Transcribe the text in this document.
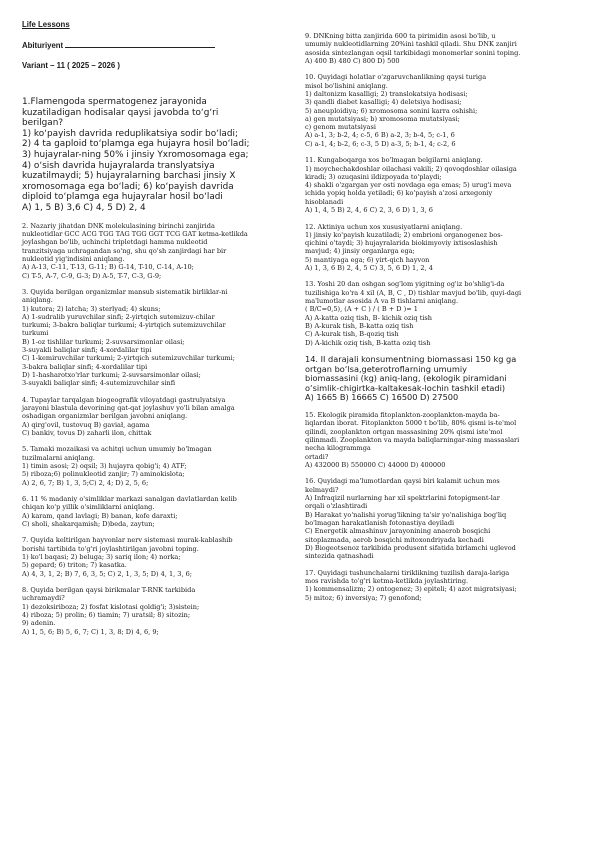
Life Lessons
Abituriyent
Variant – 11 ( 2025 – 2026 )
1.Flamengoda spermatogenez jarayonida
kuzatiladigan hodisalar qaysi javobda to‘g‘ri
berilgan?
1) ko‘payish davrida reduplikatsiya sodir bo‘ladi;
2) 4 ta gaploid to‘plamga ega hujayra hosil bo‘ladi;
3) hujayralar-ning 50% i jinsiy Yxromosomaga ega;
4) o‘sish davrida hujayralarda translyatsiya
kuzatilmaydi; 5) hujayralarning barchasi jinsiy X
xromosomaga ega bo‘ladi; 6) ko‘payish davrida
diploid to‘plamga ega hujayralar hosil bo‘ladi
A) 1, 5 B) 3,6 C) 4, 5 D) 2, 4
2. Nazariy jihatdan DNK molekulasining birinchi zanjirida
nukleotidlar GCC ACG TGG TAG TGG GGT TCG GAT ketma-ketlikda
joylashgan bo'lib, uchinchi tripletdagi hamma nukleotid
tranzitsiyaga uchragandan so'ng, shu qo'sh zanjirdagi har bir
nukleotid yig'indisini aniqlang.
A) A-13, C-11, T-13, G-11; B) G-14, T-10, C-14, A-10;
C) T-5, A-7, C-9, G-3; D) A-5, T-7, C-3, G-9;
3. Quyida berilgan organizmlar mansub sistematik birliklar-ni
aniqlang.
1) kutora; 2) latcha; 3) sterlyad; 4) skuns;
A) 1-sudralib yuruvchilar sinfi; 2-yirtqich sutemizuv-chilar
turkumi; 3-bakra baliqlar turkumi; 4-yirtqich sutemizuvchilar
turkumi
B) 1-oz tishlilar turkumi; 2-suvsarsimonlar oilasi;
3-suyakli baliqlar sinfi; 4-xordalilar tipi
C) 1-kemiruvchilar turkumi; 2-yirtqich sutemizuvchilar turkumi;
3-bakra baliqlar sinfi; 4-xordalilar tipi
D) 1-hasharotxo'rlar turkumi; 2-suvsarsimonlar oilasi;
3-suyakli baliqlar sinfi; 4-sutemizuvchilar sinfi
4. Tupaylar tarqalgan biogeografik viloyatdagi gastrulyatsiya
jarayoni blastula devorining qat-qat joylashuv yo'li bilan amalga
oshadigan organizmlar berilgan javobni aniqlang.
A) qirg'ovil, tustovuq B) gaviał, agama
C) bankiv, tovus D) zaharli ilon, chittak
5. Tamaki mozaikasi va achitqi uchun umumiy bo'lmagan
tuzilmalarni aniqlang.
1) timin asosi; 2) oqsil; 3) hujayra qobig'i; 4) ATF;
5) riboza;6) polinukleotid zanjir; 7) aminokislota;
A) 2, 6, 7; B) 1, 3, 5;C) 2, 4; D) 2, 5, 6;
6. 11 % madaniy o'simliklar markazi sanalgan davlatlardan kelib
chiqan ko'p yillik o'simliklarni aniqlang.
A) karam, qand lavlagi; B) banan, kofe daraxti;
C) sholi, shakarqamish; D)beda, zaytun;
7. Quyida keltirilgan hayvonlar nerv sistemasi murak-kablashib
borishi tartibida to'g'ri joylashtirilgan javobni toping.
1) ko'l baqasi; 2) beluga; 3) sariq ilon; 4) norka;
5) gepard; 6) triton; 7) kasatka.
A) 4, 3, 1, 2; B) 7, 6, 3, 5; C) 2, 1, 3, 5; D) 4, 1, 3, 6;
8. Quyida berilgan qaysi birikmalar T-RNK tarkibida
uchramaydi?
1) dezoksiriboza; 2) fosfat kislotasi qoldig'i; 3)sistein;
4) riboza; 5) prolin; 6) tiamin; 7) uratsil; 8) sitozin;
9) adenin.
A) 1, 5, 6; B) 5, 6, 7; C) 1, 3, 8; D) 4, 6, 9;
9. DNKning bitta zanjirida 600 ta pirimidin asosi bo'lib, u
umumiy nukleotidlarning 20%ini tashkil qiladi. Shu DNK zanjiri
asosida sintezlangan oqsil tarkibidagi monomerlar sonini toping.
A) 400 B) 480 C) 800 D) 500
10. Quyidagi holatlar o'zgaruvchanlikning qaysi turiga
misol bo'lishini aniqlang.
1) daltonizm kasalligi; 2) translokatsiya hodisasi;
3) qandli diabet kasalligi; 4) deletsiya hodisasi;
5) aneuploidiya; 6) xromosoma sonini karra oshishi;
a) gen mutatsiyasi; b) xromosoma mutatsiyasi;
c) genom mutatsiyasi
A) a-1, 3; b-2, 4; c-5, 6 B) a-2, 3; b-4, 5; c-1, 6
C) a-1, 4; b-2, 6; c-3, 5 D) a-3, 5; b-1, 4; c-2, 6
11. Kungaboqarga xos bo'lmagan belgilarni aniqlang.
1) moychechakdoshlar oilachasi vakili; 2) qovoqdoshlar oilasiga
kiradi; 3) ozuqasini ildizpoyada to'playdi;
4) shakli o'zgargan yer osti novdaga ega emas; 5) urug'i meva
ichida yopiq holda yetiladi; 6) ko'payish a'zosi arxegoniy
hisoblanadi
A) 1, 4, 5 B) 2, 4, 6 C) 2, 3, 6 D) 1, 3, 6
12. Aktiniya uchun xos xususiyatlarni aniqlang.
1) jinsiy ko'payish kuzatiladi; 2) embrioni organogenez bos-
qichini o'taydi; 3) hujayralarida biokimyoviy ixtisoslashish
mavjud; 4) jinsiy organlarga ega;
5) mantiyaga ega; 6) yirt-qich hayvon
A) 1, 3, 6 B) 2, 4, 5 C) 3, 5, 6 D) 1, 2, 4
13. Yoshi 20 dan oshgan sog'lom yigitning og'iz bo'shlig'i-da
tuzilishiga ko'ra 4 xil (A, B, C , D) tishlar mavjud bo'lib, quyi-dagi
ma'lumotlar asosida A va B tishlarni aniqlang.
( B/C=0,5), (A + C ) / ( B + D )= 1
A) A-katta oziq tish, B- kichik oziq tish
B) A-kurak tish, B-katta oziq tish
C) A-kurak tish, B-qoziq tish
D) A-kichik oziq tish, B-katta oziq tish
14. II darajali konsumentning biomassasi 150 kg ga
ortgan bo‘lsa,geterotroflarning umumiy
biomassasini (kg) aniq-lang, (ekologik piramidani
o‘simlik-chigirtka-kaltakesak-lochin tashkil etadi)
A) 1665 B) 16665 C) 16500 D) 27500
15. Ekologik piramida fitoplankton-zooplankton-mayda ba-
liqlardan iborat. Fitoplankton 5000 t bo'lib, 80% qismi is-te'mol
qilindi, zooplankton ortgan massasining 20% qismi iste'mol
qilinmadi. Zooplankton va mayda baliqlarningar-ning massaslari
necha kilogrammga
ortadi?
A) 432000 B) 550000 C) 44000 D) 400000
16. Quyidagi ma'lumotlardan qaysi biri kalamit uchun mos
kelmaydi?
A) Infraqizil nurlarning har xil spektrlarini fotopigment-lar
orqali o'zlashtiradi
B) Harakat yo'nalishi yorug'likning ta'sir yo'nalishiga bog'liq
bo'lmagan harakatlanish fotonastiya deyiladi
C) Energetik almashinuv jarayonining anaerob bosqichi
sitoplazmada, aerob bosqichi mitoxondriyada kechadi
D) Biogeotsenoz tarkibida produsent sifatida birlamchi uglevod
sintezida qatnashadi
17. Quyidagi tushunchalarni tiriklikning tuzilish daraja-lariga
mos ravishda to'g'ri ketma-ketlikda joylashtiring.
1) kommensalizm; 2) ontogenez; 3) epiteli; 4) azot migratsiyasi;
5) mitoz; 6) inversiya; 7) genofond;
